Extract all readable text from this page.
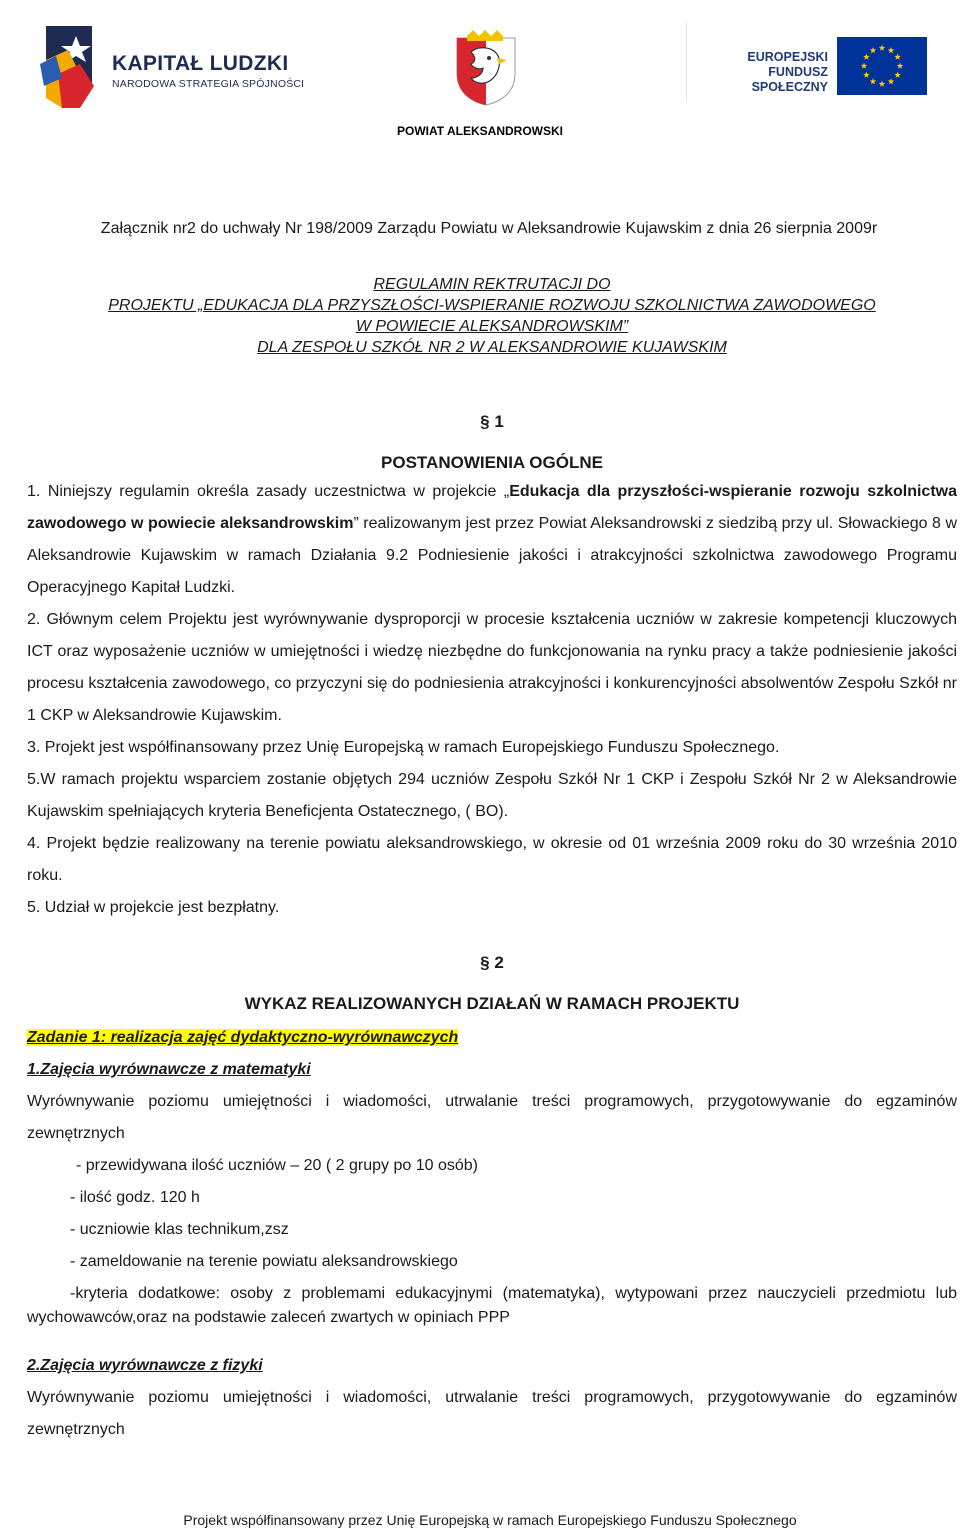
KAPITAŁ LUDZKI
NARODOWA STRATEGIA SPÓJNOŚCI
POWIAT ALEKSANDROWSKI
EUROPEJSKI
FUNDUSZ SPOŁECZNY
Załącznik nr2 do uchwały Nr 198/2009 Zarządu Powiatu w Aleksandrowie Kujawskim z dnia 26 sierpnia 2009r
REGULAMIN REKTRUTACJI DO
PROJEKTU „EDUKACJA DLA PRZYSZŁOŚCI-WSPIERANIE ROZWOJU SZKOLNICTWA ZAWODOWEGO
W POWIECIE ALEKSANDROWSKIM”
DLA ZESPOŁU SZKÓŁ NR 2 W ALEKSANDROWIE KUJAWSKIM
§ 1
POSTANOWIENIA OGÓLNE
1. Niniejszy regulamin określa zasady uczestnictwa w projekcie „Edukacja dla przyszłości-wspieranie rozwoju szkolnictwa zawodowego w powiecie aleksandrowskim” realizowanym jest przez Powiat Aleksandrowski z siedzibą przy ul. Słowackiego 8 w Aleksandrowie Kujawskim w ramach Działania 9.2 Podniesienie jakości i atrakcyjności szkolnictwa zawodowego Programu Operacyjnego Kapitał Ludzki.
2. Głównym celem Projektu jest wyrównywanie dysproporcji w procesie kształcenia uczniów w zakresie kompetencji kluczowych ICT oraz wyposażenie uczniów w umiejętności i wiedzę niezbędne do funkcjonowania na rynku pracy a także podniesienie jakości procesu kształcenia zawodowego, co przyczyni się do podniesienia atrakcyjności i konkurencyjności absolwentów Zespołu Szkół nr 1 CKP w Aleksandrowie Kujawskim.
3. Projekt jest współfinansowany przez Unię Europejską w ramach Europejskiego Funduszu Społecznego.
5.W ramach projektu wsparciem zostanie objętych 294 uczniów Zespołu Szkół Nr 1 CKP i Zespołu Szkół Nr 2 w Aleksandrowie Kujawskim spełniających kryteria Beneficjenta Ostatecznego, ( BO).
4. Projekt będzie realizowany na terenie powiatu aleksandrowskiego, w okresie od 01 września 2009 roku do 30 września 2010 roku.
5. Udział w projekcie jest bezpłatny.
§ 2
WYKAZ REALIZOWANYCH DZIAŁAŃ W RAMACH PROJEKTU
Zadanie 1: realizacja zajęć dydaktyczno-wyrównawczych
1.Zajęcia wyrównawcze z matematyki
Wyrównywanie poziomu umiejętności i wiadomości, utrwalanie treści programowych, przygotowywanie do egzaminów zewnętrznych
- przewidywana ilość uczniów – 20 ( 2 grupy po 10 osób)
- ilość godz. 120 h
- uczniowie klas technikum,zsz
- zameldowanie na terenie powiatu aleksandrowskiego
-kryteria dodatkowe: osoby z problemami edukacyjnymi (matematyka), wytypowani przez nauczycieli przedmiotu lub wychowawców,oraz na podstawie zaleceń zwartych w opiniach PPP
2.Zajęcia wyrównawcze z fizyki
Wyrównywanie poziomu umiejętności i wiadomości, utrwalanie treści programowych, przygotowywanie do egzaminów zewnętrznych
Projekt współfinansowany przez Unię Europejską w ramach Europejskiego Funduszu Społecznego
